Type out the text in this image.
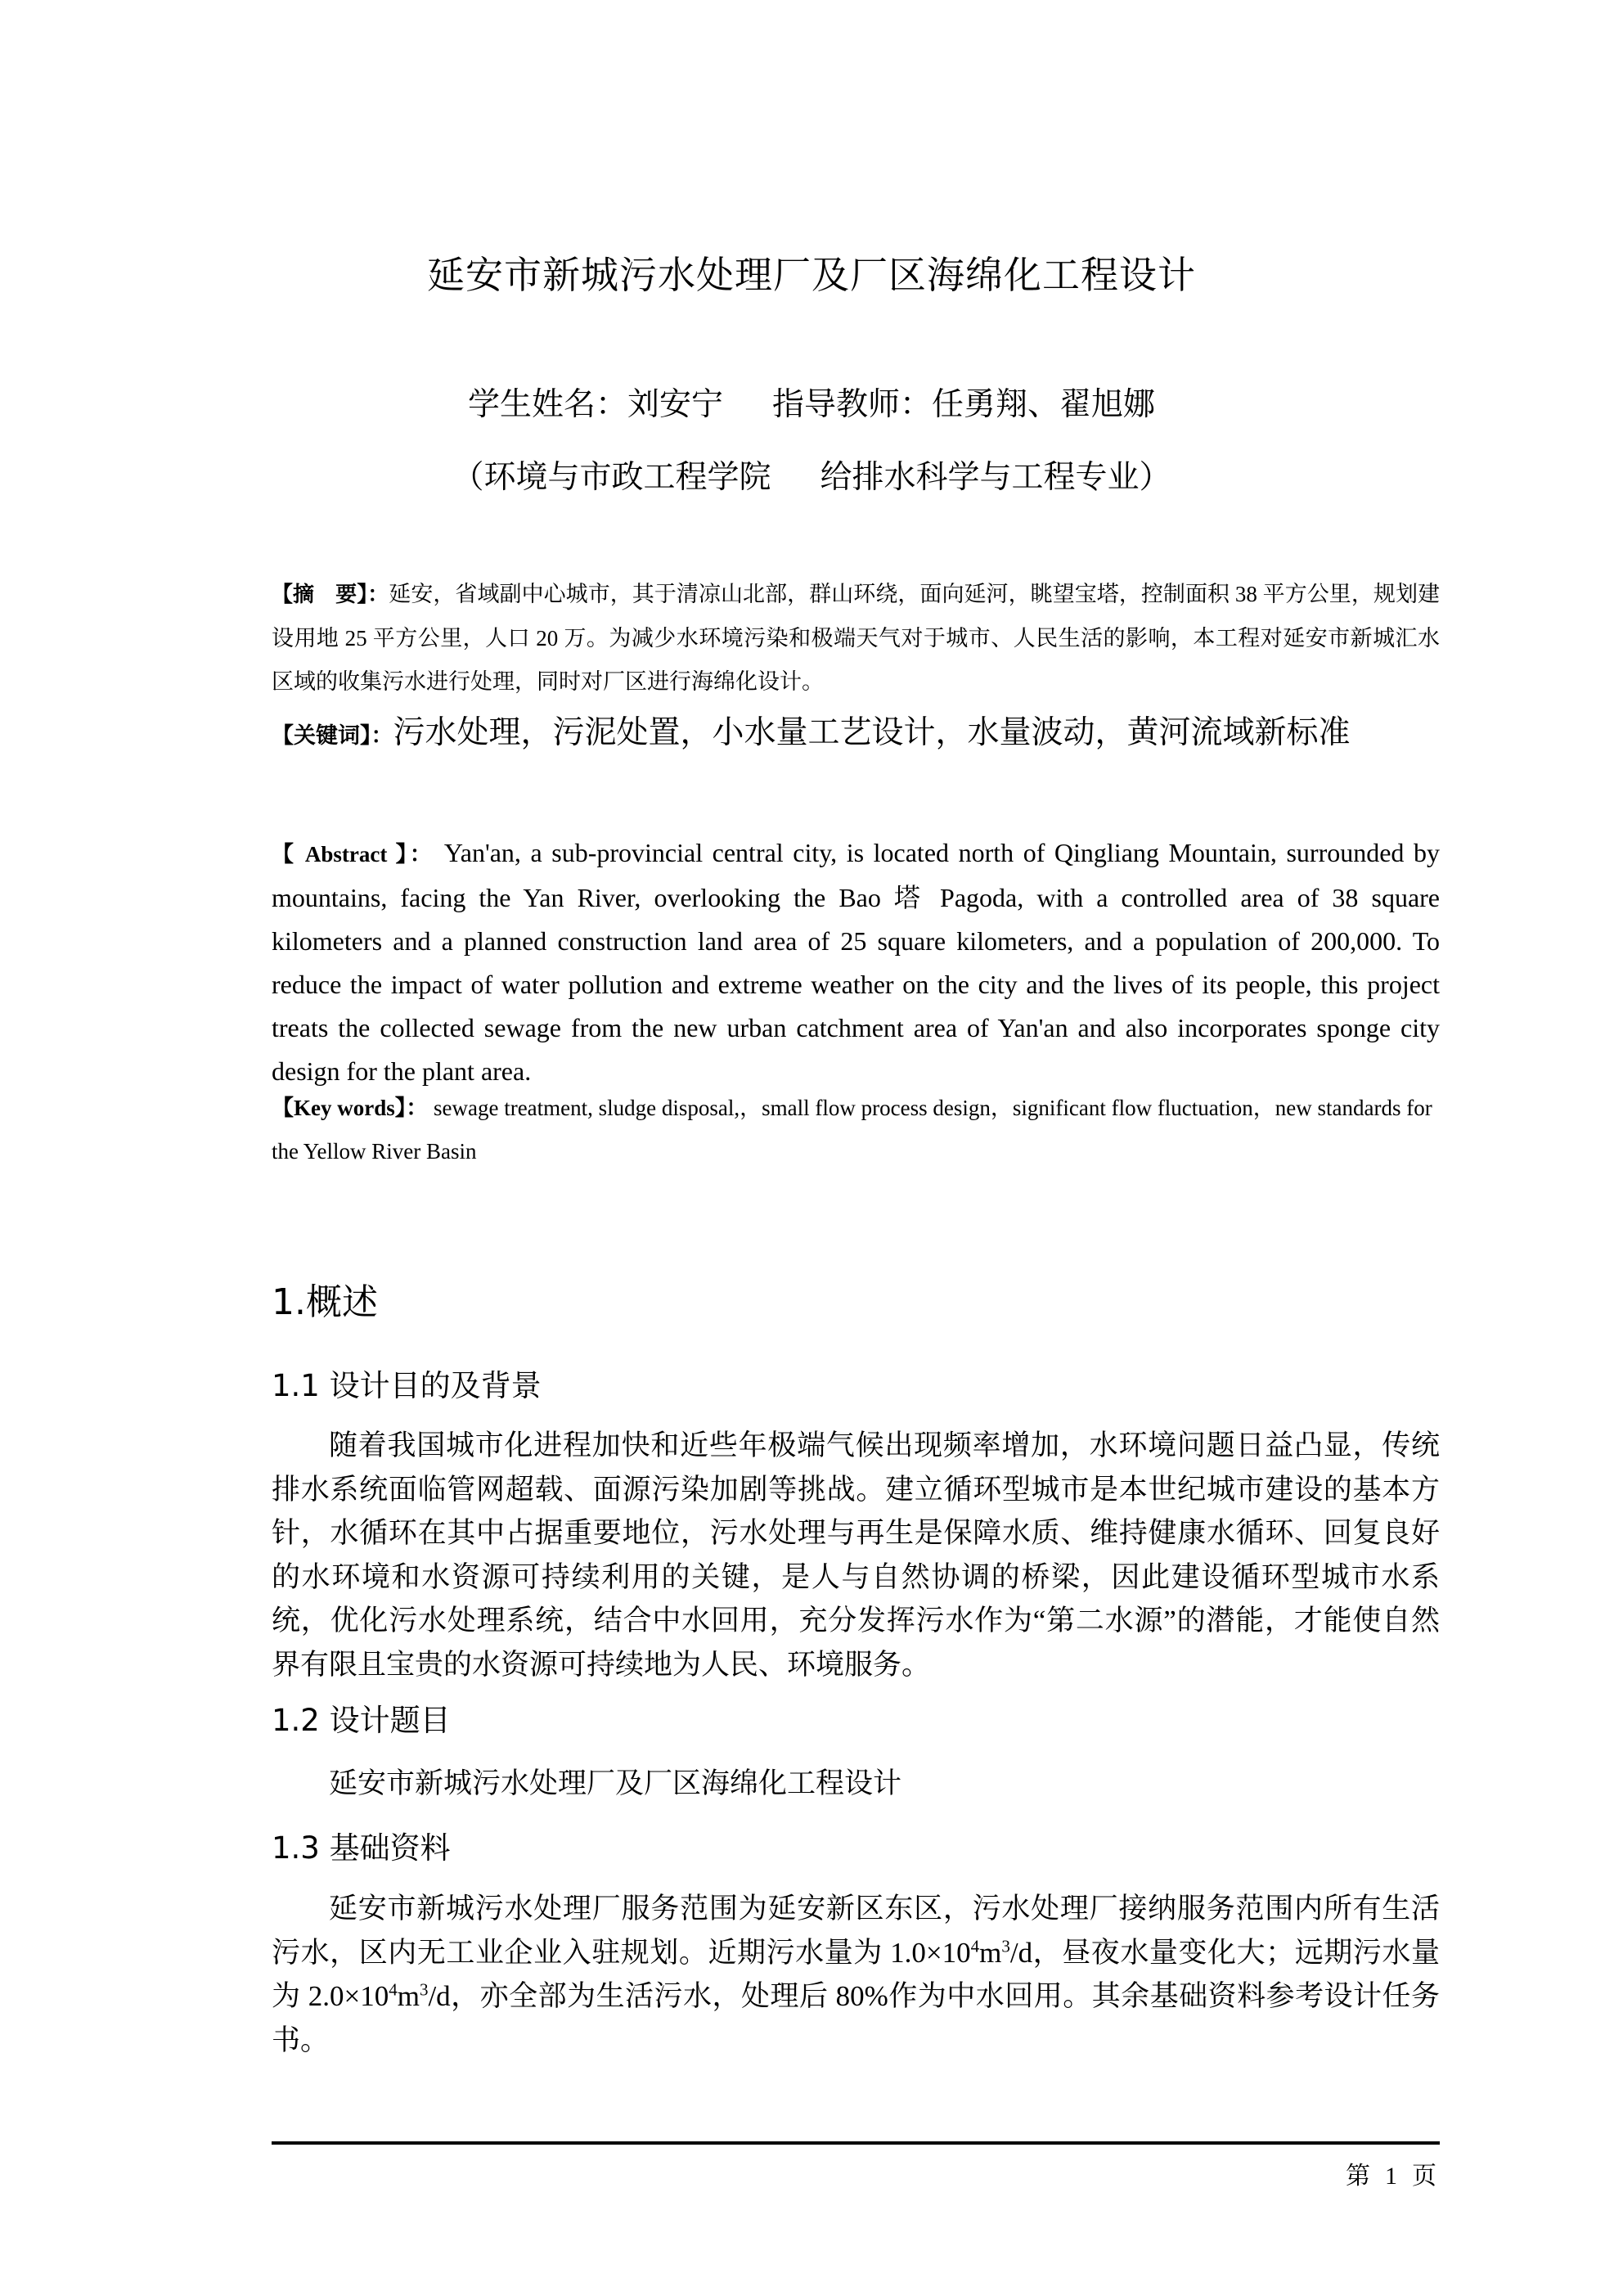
延安市新城污水处理厂及厂区海绵化工程设计
学生姓名：刘安宁 指导教师：任勇翔、翟旭娜
（环境与市政工程学院 给排水科学与工程专业）
【摘　要】：延安，省域副中心城市，其于清凉山北部，群山环绕，面向延河，眺望宝塔，控制面积 38 平方公里，规划建设用地 25 平方公里，人口 20 万。为减少水环境污染和极端天气对于城市、人民生活的影响，本工程对延安市新城汇水区域的收集污水进行处理，同时对厂区进行海绵化设计。
【关键词】：污水处理，污泥处置，小水量工艺设计，水量波动，黄河流域新标准
【 Abstract 】： Yan'an, a sub-provincial central city, is located north of Qingliang Mountain, surrounded by mountains, facing the Yan River, overlooking the Bao 塔 Pagoda, with a controlled area of 38 square kilometers and a planned construction land area of 25 square kilometers, and a population of 200,000. To reduce the impact of water pollution and extreme weather on the city and the lives of its people, this project treats the collected sewage from the new urban catchment area of Yan'an and also incorporates sponge city design for the plant area.
【Key words】： sewage treatment, sludge disposal,，small flow process design，significant flow fluctuation，new standards for the Yellow River Basin
1.概述
1.1 设计目的及背景
随着我国城市化进程加快和近些年极端气候出现频率增加，水环境问题日益凸显，传统排水系统面临管网超载、面源污染加剧等挑战。建立循环型城市是本世纪城市建设的基本方针，水循环在其中占据重要地位，污水处理与再生是保障水质、维持健康水循环、回复良好的水环境和水资源可持续利用的关键，是人与自然协调的桥梁，因此建设循环型城市水系统，优化污水处理系统，结合中水回用，充分发挥污水作为“第二水源”的潜能，才能使自然界有限且宝贵的水资源可持续地为人民、环境服务。
1.2 设计题目
延安市新城污水处理厂及厂区海绵化工程设计
1.3 基础资料
延安市新城污水处理厂服务范围为延安新区东区，污水处理厂接纳服务范围内所有生活污水，区内无工业企业入驻规划。近期污水量为 $1.0\times 10^4m^3/d$，昼夜水量变化大；远期污水量为 $2.0\times 10^4m^3/d$，亦全部为生活污水，处理后 80%作为中水回用。其余基础资料参考设计任务书。
第 1 页
